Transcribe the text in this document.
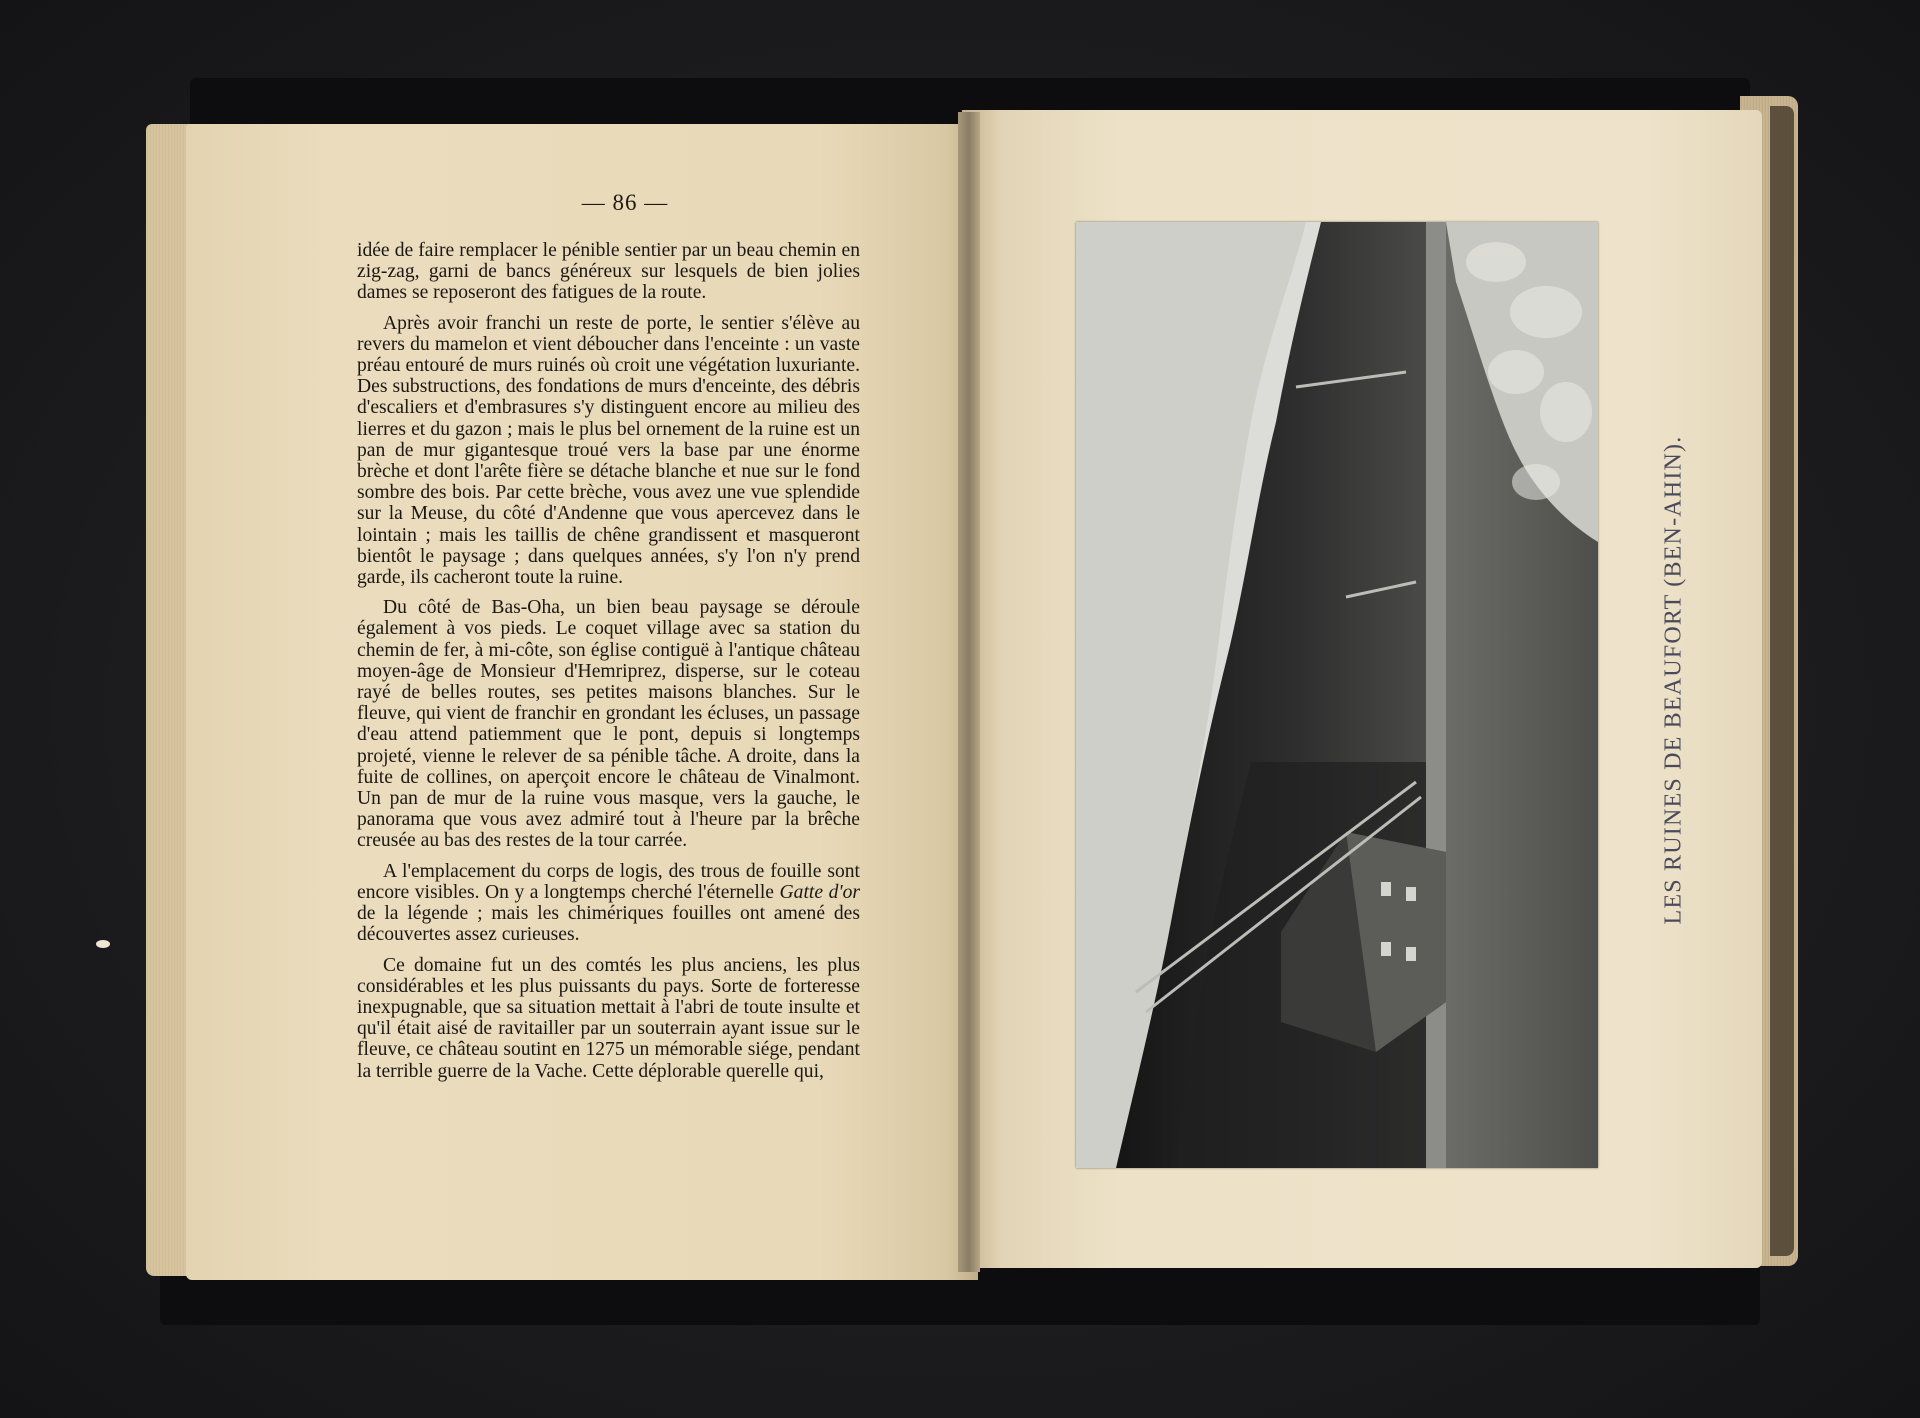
— 86 —

idée de faire remplacer le pénible sentier par un beau chemin en zig-zag, garni de bancs généreux sur lesquels de bien jolies dames se reposeront des fatigues de la route.

Après avoir franchi un reste de porte, le sentier s'élève au revers du mamelon et vient déboucher dans l'enceinte : un vaste préau entouré de murs ruinés où croit une végétation luxuriante. Des substructions, des fondations de murs d'enceinte, des débris d'escaliers et d'embrasures s'y distinguent encore au milieu des lierres et du gazon ; mais le plus bel ornement de la ruine est un pan de mur gigantesque troué vers la base par une énorme brèche et dont l'arête fière se détache blanche et nue sur le fond sombre des bois. Par cette brèche, vous avez une vue splendide sur la Meuse, du côté d'Andenne que vous apercevez dans le lointain ; mais les taillis de chêne grandissent et masqueront bientôt le paysage ; dans quelques années, s'y l'on n'y prend garde, ils cacheront toute la ruine.

Du côté de Bas-Oha, un bien beau paysage se déroule également à vos pieds. Le coquet village avec sa station du chemin de fer, à mi-côte, son église contiguë à l'antique château moyen-âge de Monsieur d'Hemriprez, disperse, sur le coteau rayé de belles routes, ses petites maisons blanches. Sur le fleuve, qui vient de franchir en grondant les écluses, un passage d'eau attend patiemment que le pont, depuis si longtemps projeté, vienne le relever de sa pénible tâche. A droite, dans la fuite de collines, on aperçoit encore le château de Vinalmont. Un pan de mur de la ruine vous masque, vers la gauche, le panorama que vous avez admiré tout à l'heure par la brêche creusée au bas des restes de la tour carrée.

A l'emplacement du corps de logis, des trous de fouille sont encore visibles. On y a longtemps cherché l'éternelle Gatte d'or de la légende ; mais les chimériques fouilles ont amené des découvertes assez curieuses.

Ce domaine fut un des comtés les plus anciens, les plus considérables et les plus puissants du pays. Sorte de forteresse inexpugnable, que sa situation mettait à l'abri de toute insulte et qu'il était aisé de ravitailler par un souterrain ayant issue sur le fleuve, ce château soutint en 1275 un mémorable siége, pendant la terrible guerre de la Vache. Cette déplorable querelle qui,

LES RUINES DE BEAUFORT (BEN-AHIN).
